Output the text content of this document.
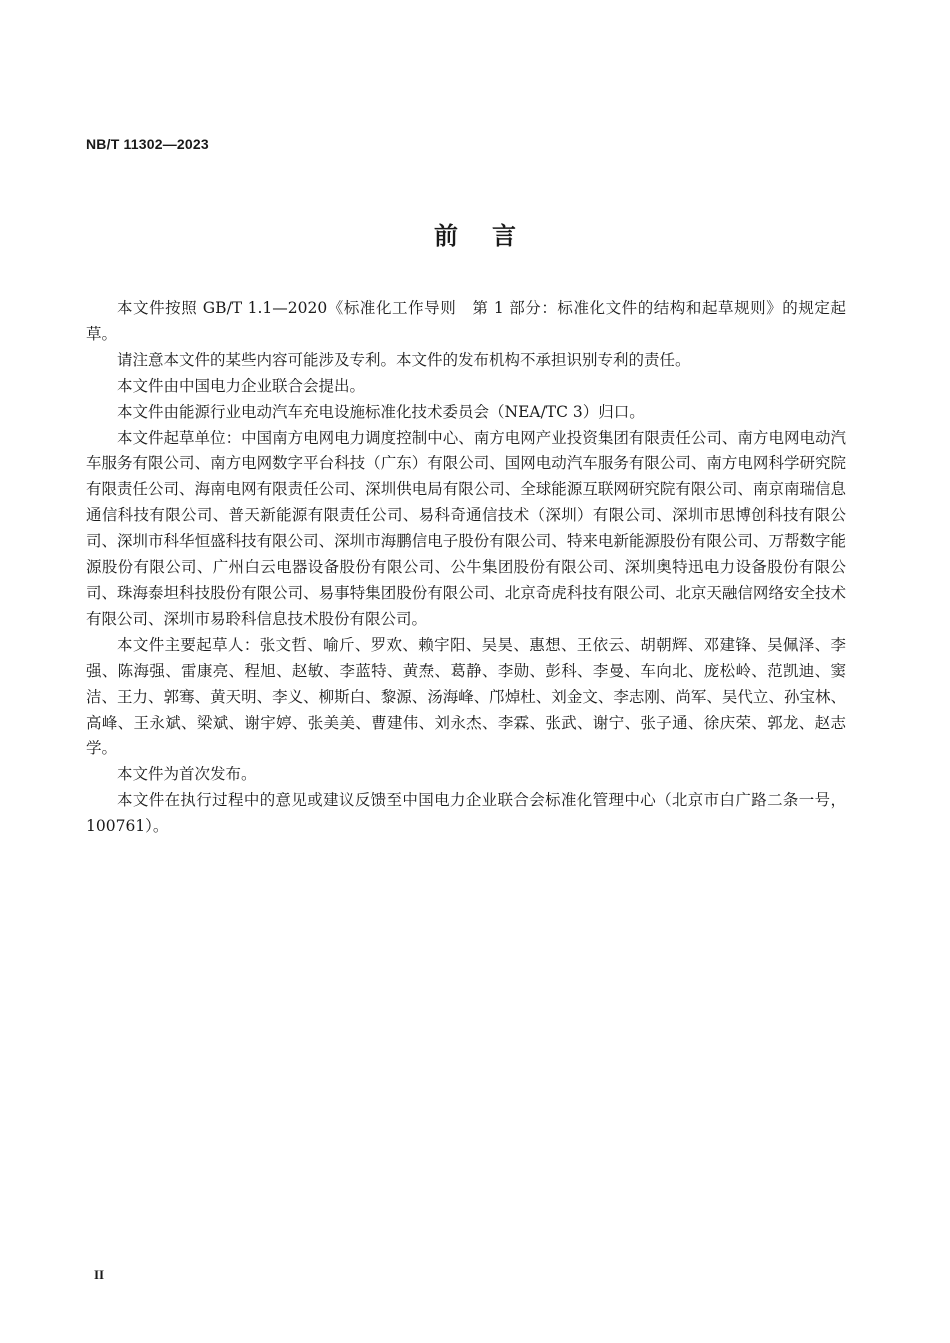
NB/T 11302—2023
前言

本文件按照 GB/T 1.1—2020《标准化工作导则　第 1 部分：标准化文件的结构和起草规则》的规定起草。

请注意本文件的某些内容可能涉及专利。本文件的发布机构不承担识别专利的责任。

本文件由中国电力企业联合会提出。

本文件由能源行业电动汽车充电设施标准化技术委员会（NEA/TC 3）归口。

本文件起草单位：中国南方电网电力调度控制中心、南方电网产业投资集团有限责任公司、南方电网电动汽车服务有限公司、南方电网数字平台科技（广东）有限公司、国网电动汽车服务有限公司、南方电网科学研究院有限责任公司、海南电网有限责任公司、深圳供电局有限公司、全球能源互联网研究院有限公司、南京南瑞信息通信科技有限公司、普天新能源有限责任公司、易科奇通信技术（深圳）有限公司、深圳市思博创科技有限公司、深圳市科华恒盛科技有限公司、深圳市海鹏信电子股份有限公司、特来电新能源股份有限公司、万帮数字能源股份有限公司、广州白云电器设备股份有限公司、公牛集团股份有限公司、深圳奥特迅电力设备股份有限公司、珠海泰坦科技股份有限公司、易事特集团股份有限公司、北京奇虎科技有限公司、北京天融信网络安全技术有限公司、深圳市易聆科信息技术股份有限公司。

本文件主要起草人：张文哲、喻斤、罗欢、赖宇阳、吴昊、惠想、王依云、胡朝辉、邓建锋、吴佩泽、李强、陈海强、雷康亮、程旭、赵敏、李蓝特、黄焘、葛静、李勋、彭科、李曼、车向北、庞松岭、范凯迪、窦洁、王力、郭骞、黄天明、李义、柳斯白、黎源、汤海峰、邝焯杜、刘金文、李志刚、尚军、吴代立、孙宝林、高峰、王永斌、梁斌、谢宇婷、张美美、曹建伟、刘永杰、李霖、张武、谢宁、张子通、徐庆荣、郭龙、赵志学。

本文件为首次发布。

本文件在执行过程中的意见或建议反馈至中国电力企业联合会标准化管理中心（北京市白广路二条一号，100761）。

II
